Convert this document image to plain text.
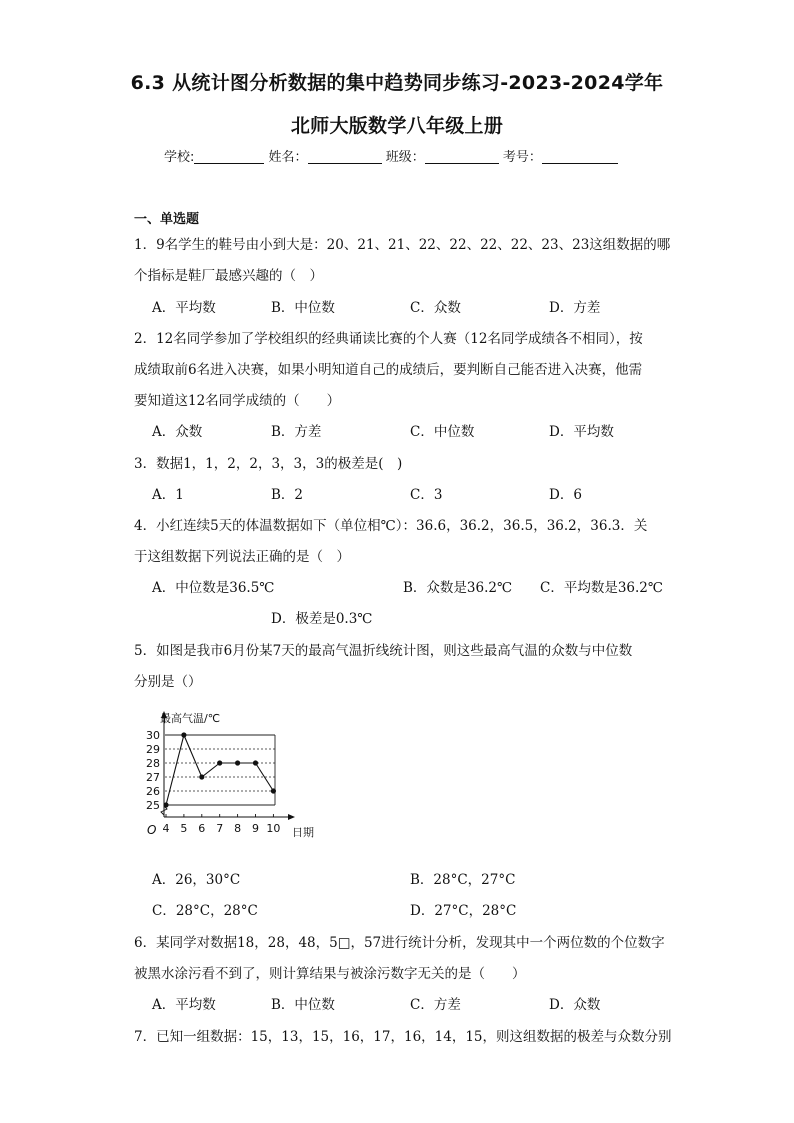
6.3 从统计图分析数据的集中趋势同步练习-2023-2024学年
北师大版数学八年级上册
学校:	姓名：	班级：	考号：
一、单选题
1．9名学生的鞋号由小到大是：20、21、21、22、22、22、22、23、23这组数据的哪
个指标是鞋厂最感兴趣的（　）
A．平均数	B．中位数	C．众数	D．方差
2．12名同学参加了学校组织的经典诵读比赛的个人赛（12名同学成绩各不相同），按
成绩取前6名进入决赛，如果小明知道自己的成绩后，要判断自己能否进入决赛，他需
要知道这12名同学成绩的（　　）
A．众数	B．方差	C．中位数	D．平均数
3．数据1，1，2，2，3，3，3的极差是(　)
A．1	B．2	C．3	D．6
4．小红连续5天的体温数据如下（单位相℃）：36.6，36.2，36.5，36.2，36.3．关
于这组数据下列说法正确的是（　）
A．中位数是36.5℃	B．众数是36.2℃ C．平均数是36.2℃
D．极差是0.3℃
5．如图是我市6月份某7天的最高气温折线统计图，则这些最高气温的众数与中位数
分别是（）
25
26
27
28
29
30
4 5 6 7 8 9 10
O
最高气温/℃
日期
A．26，30°C	B．28°C，27°C
C．28°C，28°C	D．27°C，28°C
6．某同学对数据18，28，48，5□，57进行统计分析，发现其中一个两位数的个位数字
被黑水涂污看不到了，则计算结果与被涂污数字无关的是（　　）
A．平均数	B．中位数	C．方差	D．众数
7．已知一组数据：15，13，15，16，17，16，14，15，则这组数据的极差与众数分别
